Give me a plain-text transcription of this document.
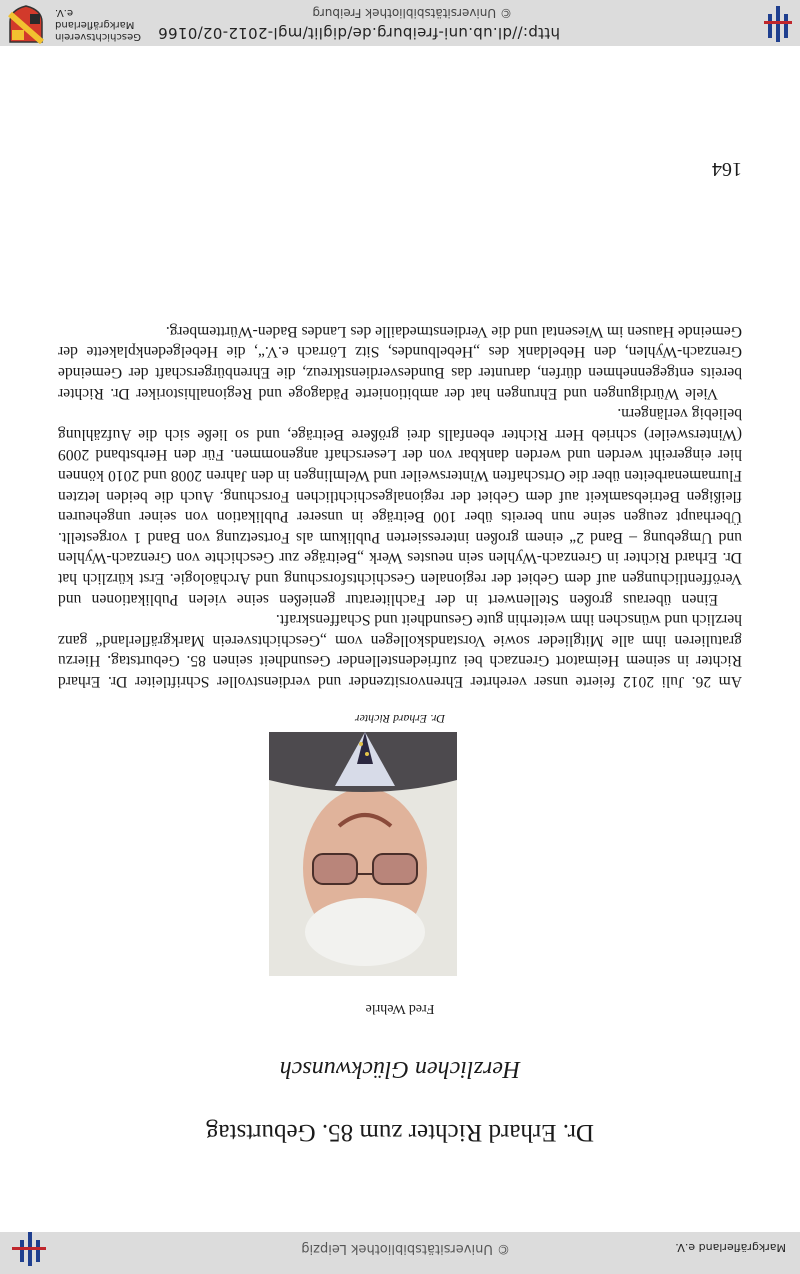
© Universitätsbibliothek Leipzig	Markgräflerland e.V.
Dr. Erhard Richter zum 85. Geburtstag
Herzlichen Glückwunsch
Fred Wehrle
Dr. Erhard Richter

Am 26. Juli 2012 feierte unser verehrter Ehrenvorsitzender und verdienstvoller Schriftleiter Dr. Erhard Richter in seinem Heimatort Grenzach bei zufriedenstellender Gesundheit seinen 85. Geburtstag. Hierzu gratulieren ihm alle Mitglieder sowie Vorstandskollegen vom „Geschichtsverein Markgräflerland“ ganz herzlich und wünschen ihm weiterhin gute Gesundheit und Schaffenskraft.

Einen überaus großen Stellenwert in der Fachliteratur genießen seine vielen Publikationen und Veröffentlichungen auf dem Gebiet der regionalen Geschichtsforschung und Archäologie. Erst kürzlich hat Dr. Erhard Richter in Grenzach-Wyhlen sein neustes Werk „Beiträge zur Geschichte von Grenzach-Wyhlen und Umgebung – Band 2“ einem großen interessierten Publikum als Fortsetzung von Band 1 vorgestellt. Überhaupt zeugen seine nun bereits über 100 Beiträge in unserer Publikation von seiner ungeheuren fleißigen Betriebsamkeit auf dem Gebiet der regionalgeschichtlichen Forschung. Auch die beiden letzten Flurnamenarbeiten über die Ortschaften Wintersweiler und Welmlingen in den Jahren 2008 und 2010 können hier eingereiht werden und werden dankbar von der Leserschaft angenommen. Für den Herbstband 2009 (Wintersweiler) schrieb Herr Richter ebenfalls drei größere Beiträge, und so ließe sich die Aufzählung beliebig verlängern.

Viele Würdigungen und Ehrungen hat der ambitionierte Pädagoge und Regionalhistoriker Dr. Richter bereits entgegennehmen dürfen, darunter das Bundesverdienstkreuz, die Ehrenbürgerschaft der Gemeinde Grenzach-Wyhlen, den Hebeldank des „Hebelbundes, Sitz Lörrach e.V.“, die Hebelgedenkplakette der Gemeinde Hausen im Wiesental und die Verdienstmedaille des Landes Baden-Württemberg.

164
http://dl.ub.uni-freiburg.de/diglit/mgl-2012-02/0166
© Universitätsbibliothek Freiburg
Geschichtsverein Markgräflerland e.V.
